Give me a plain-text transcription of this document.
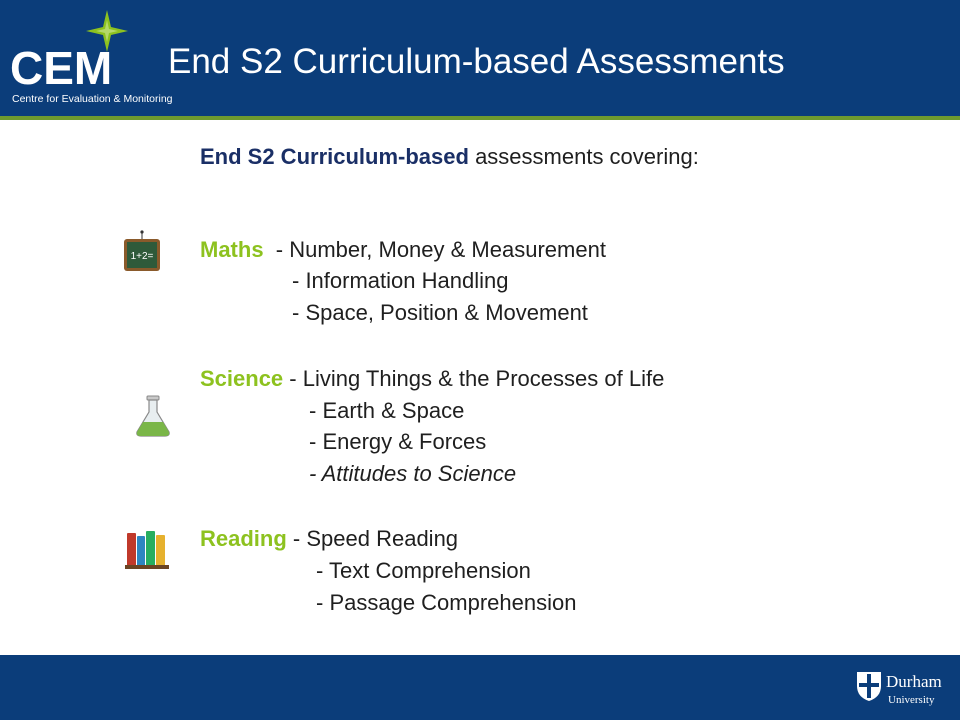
CEM
Centre for Evaluation & Monitoring
End S2 Curriculum-based Assessments
End S2 Curriculum-based assessments covering:
1+2= Maths - Number, Money & Measurement
- Information Handling
- Space, Position & Movement
Science - Living Things & the Processes of Life
- Earth & Space
- Energy & Forces
- Attitudes to Science
Reading - Speed Reading
- Text Comprehension
- Passage Comprehension
Durham
University
